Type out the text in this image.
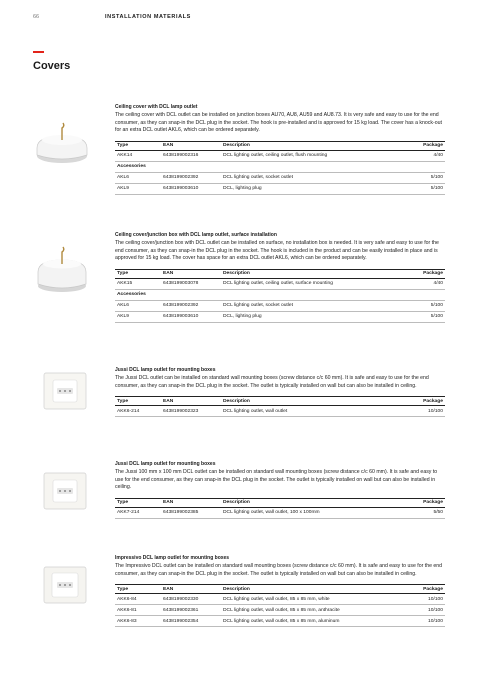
66	INSTALLATION MATERIALS
Covers
Ceiling cover with DCL lamp outlet
The ceiling cover with DCL outlet can be installed on junction boxes AU70, AU8, AU59 and AU8.73. It is very safe and easy to use for the end consumer, as they can snap-in the DCL plug in the socket. The hook is pre-installed and is approved for 15 kg load. The cover has a knock-out for an extra DCL outlet AKL6, which can be ordered separately.
Type	EAN	Description	Package
AKK14	6438199002316	DCL lighting outlet, ceiling outlet, flush mounting	4/40
Accessories			
AKL6	6438199002392	DCL lighting outlet, socket outlet	5/100
AKL9	6438199003610	DCL, lighting plug	5/100
Ceiling cover/junction box with DCL lamp outlet, surface installation
The ceiling cover/junction box with DCL outlet can be installed on surface, no installation box is needed. It is very safe and easy to use for the end consumer, as they can snap-in the DCL plug in the socket. The hook is included in the product and can be easily installed in place and is approved for 15 kg load. The cover has space for an extra DCL outlet AKL6, which can be ordered separately.
Type	EAN	Description	Package
AKK15	6438199003078	DCL lighting outlet, ceiling outlet, surface mounting	4/40
Accessories			
AKL6	6438199002392	DCL lighting outlet, socket outlet	5/100
AKL9	6438199003610	DCL, lighting plug	5/100
Jussi DCL lamp outlet for mounting boxes
The Jussi DCL outlet can be installed on standard wall mounting boxes (screw distance c/c 60 mm). It is safe and easy to use for the end consumer, as they can snap-in the DCL plug in the socket. The outlet is typically installed on wall but can also be installed in ceiling.
Type	EAN	Description	Package
AKK6-214	6438199002323	DCL lighting outlet, wall outlet	10/100
Jussi DCL lamp outlet for mounting boxes
The Jussi 100 mm x 100 mm DCL outlet can be installed on standard wall mounting boxes (screw distance c/c 60 mm). It is safe and easy to use for the end consumer, as they can snap-in the DCL plug in the socket. The outlet is typically installed on wall but can also be installed in ceiling.
Type	EAN	Description	Package
AKK7-214	6438199002385	DCL lighting outlet, wall outlet, 100 x 100mm	5/50
Impressivo DCL lamp outlet for mounting boxes
The Impressivo DCL outlet can be installed on standard wall mounting boxes (screw distance c/c 60 mm). It is safe and easy to use for the end consumer, as they can snap-in the DCL plug in the socket. The outlet is typically installed on wall but can also be installed in ceiling.
Type	EAN	Description	Package
AKK6-84	6438199002330	DCL lighting outlet, wall outlet, 85 x 85 mm, white	10/100
AKK6-81	6438199002361	DCL lighting outlet, wall outlet, 85 x 85 mm, anthracite	10/100
AKK6-83	6438199002354	DCL lighting outlet, wall outlet, 85 x 85 mm, aluminum	10/100
